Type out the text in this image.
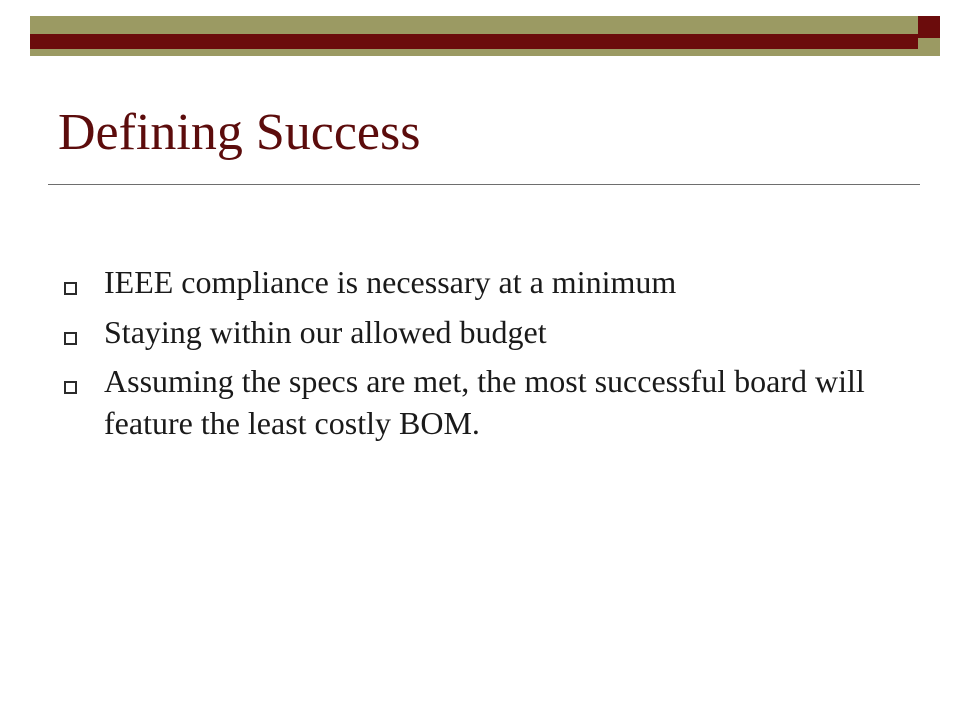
Defining Success
IEEE compliance is necessary at a minimum
Staying within our allowed budget
Assuming the specs are met, the most successful board will feature the least costly BOM.
